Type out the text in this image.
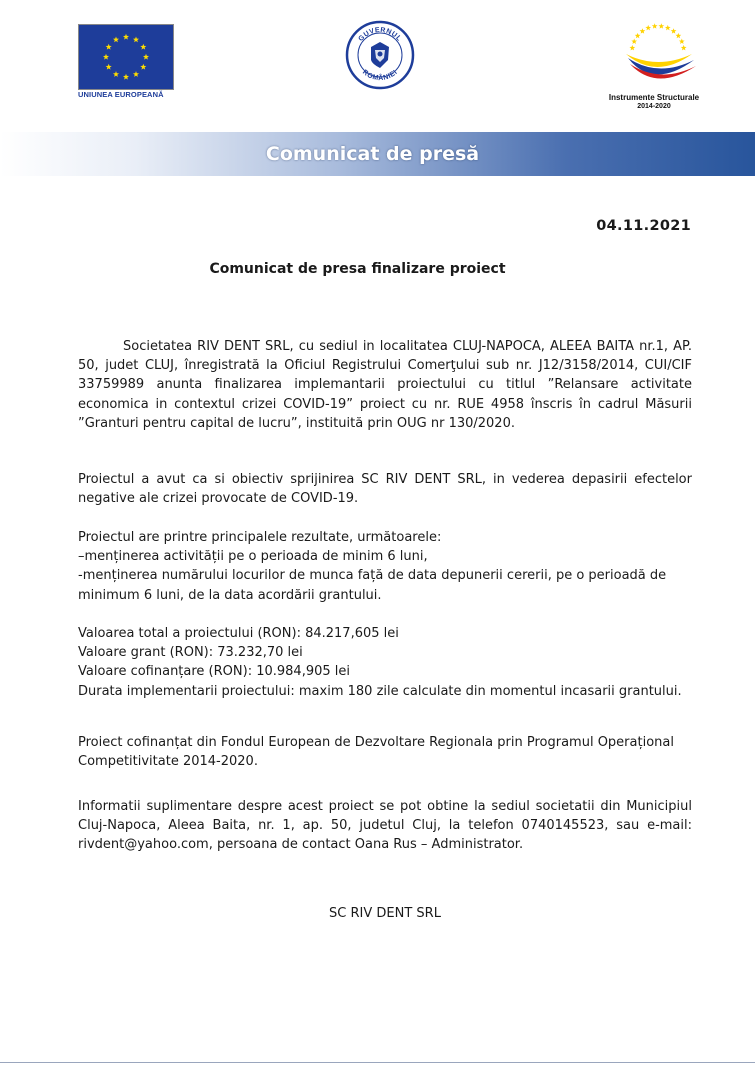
UNIUNEA EUROPEANĂ
GUVERNUL
ROMÂNIEI
Instrumente Structurale
2014-2020
Comunicat de presă
04.11.2021
Comunicat de presa finalizare proiect
Societatea RIV DENT SRL, cu sediul in localitatea CLUJ-NAPOCA, ALEEA BAITA nr.1, AP. 50, judet CLUJ, înregistrată la Oficiul Registrului Comerţului sub nr. J12/3158/2014, CUI/CIF 33759989 anunta finalizarea implemantarii proiectului cu titlul ”Relansare activitate economica in contextul crizei COVID-19” proiect cu nr. RUE 4958 înscris în cadrul Măsurii ”Granturi pentru capital de lucru”, instituită prin OUG nr 130/2020.
Proiectul a avut ca si obiectiv sprijinirea SC RIV DENT SRL, in vederea depasirii efectelor negative ale crizei provocate de COVID-19.
Proiectul are printre principalele rezultate, următoarele:
–menținerea activității pe o perioada de minim 6 luni,
-menținerea numărului locurilor de munca față de data depunerii cererii, pe o perioadă de minimum 6 luni, de la data acordării grantului.
Valoarea total a proiectului (RON): 84.217,605 lei
Valoare grant (RON): 73.232,70 lei
Valoare cofinanțare (RON): 10.984,905 lei
Durata implementarii proiectului: maxim 180 zile calculate din momentul incasarii grantului.
Proiect cofinanțat din Fondul European de Dezvoltare Regionala prin Programul Operațional Competitivitate 2014-2020.
Informatii suplimentare despre acest proiect se pot obtine la sediul societatii din Municipiul Cluj-Napoca, Aleea Baita, nr. 1, ap. 50, judetul Cluj, la telefon 0740145523, sau e-mail: rivdent@yahoo.com, persoana de contact Oana Rus – Administrator.
SC RIV DENT SRL
